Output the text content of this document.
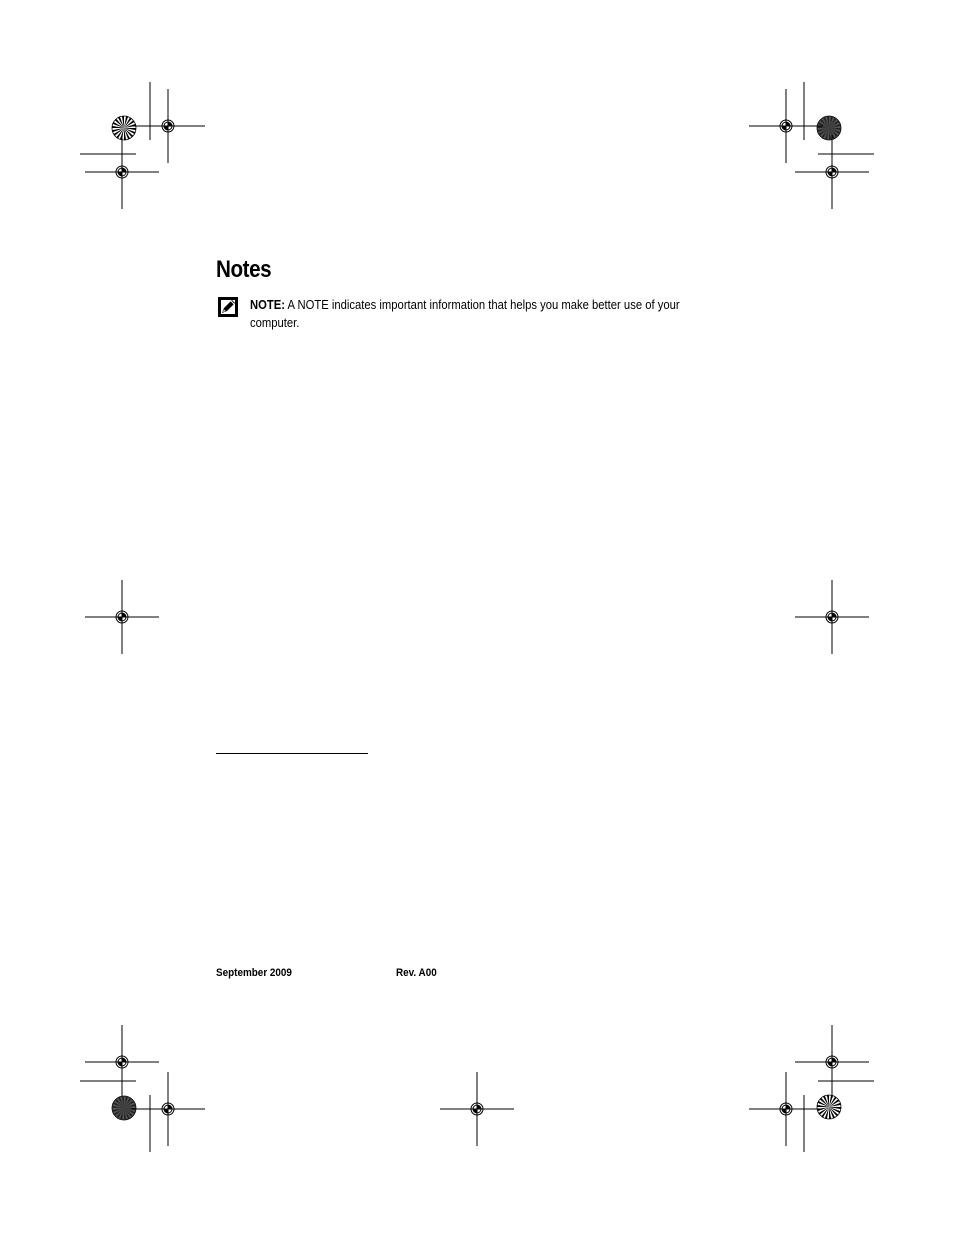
Notes

NOTE: A NOTE indicates important information that helps you make better use of your computer.

September 2009	Rev. A00
